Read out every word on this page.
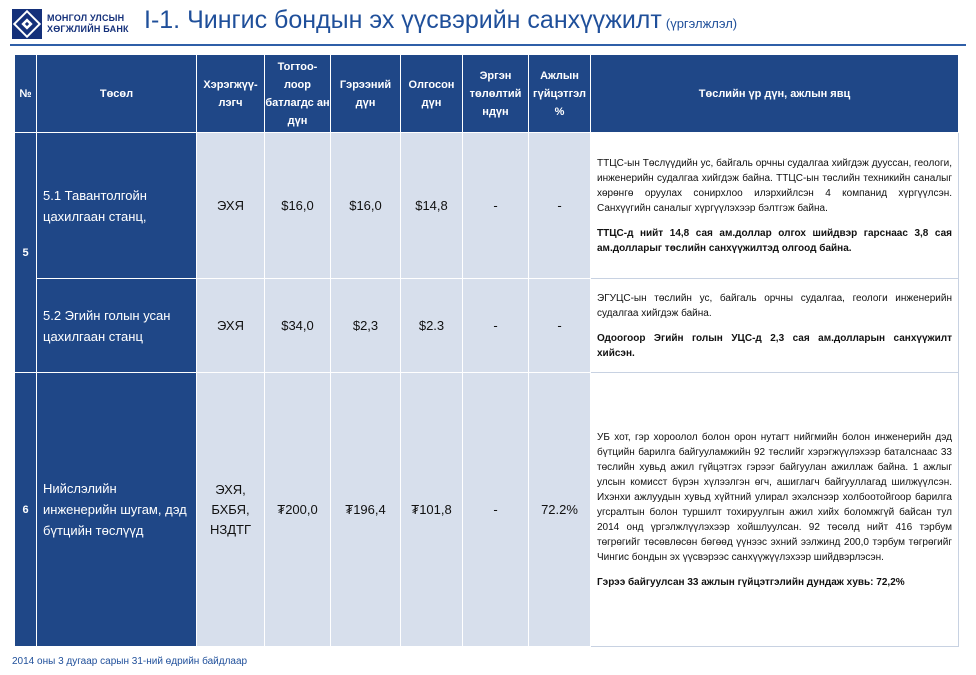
МОНГОЛ УЛСЫН
ХӨГЖЛИЙН БАНК I-1. Чингис бондын эх үүсвэрийн санхүүжилт (үргэлжлэл)
№	Төсөл	Хэрэгжүү-лэгч	Тогтоо-лоор батлагдс ан дүн	Гэрээний дүн	Олгосон дүн	Эргэн төлөлтий ндүн	Ажлын гүйцэтгэл %	Төслийн үр дүн, ажлын явц
5	5.1 Тавантолгойн цахилгаан станц,	ЭХЯ	$16,0	$16,0	$14,8	-	-	ТТЦС-ын Төслүүдийн ус, байгаль орчны судалгаа хийгдэж дууссан, геологи, инженерийн судалгаа хийгдэж байна. ТТЦС-ын төслийн техникийн саналыг хөрөнгө оруулах сонирхлоо илэрхийлсэн 4 компанид хүргүүлсэн. Санхүүгийн саналыг хүргүүлэхээр бэлтгэж байна.

ТТЦС-д нийт 14,8 сая ам.доллар олгох шийдвэр гарснаас 3,8 сая ам.долларыг төслийн санхүүжилтэд олгоод байна.

	5.2 Эгийн голын усан цахилгаан станц	ЭХЯ	$34,0	$2,3	$2.3	-	-	ЭГУЦС-ын төслийн ус, байгаль орчны судалгаа, геологи инженерийн судалгаа хийгдэж байна.

Одоогоор Эгийн голын УЦС-д 2,3 сая ам.долларын санхүүжилт хийсэн.

6	Нийслэлийн инженерийн шугам, дэд бүтцийн төслүүд	ЭХЯ, БХБЯ, НЗДТГ	₮200,0	₮196,4	₮101,8	-	72.2%	УБ хот, гэр хороолол болон орон нутагт нийгмийн болон инженерийн дэд бүтцийн барилга байгууламжийн 92 төслийг хэрэгжүүлэхээр баталснаас 33 төслийн хувьд ажил гүйцэтгэх гэрээг байгуулан ажиллаж байна. 1 ажлыг улсын комисст бүрэн хүлээлгэн өгч, ашиглагч байгууллагад шилжүүлсэн. Ихэнхи ажлуудын хувьд хүйтний улирал эхэлснээр холбоотойгоор барилга угсралтын болон туршилт тохируулгын ажил хийх боломжгүй байсан тул 2014 онд үргэлжлүүлэхээр хойшлуулсан. 92 төсөлд нийт 416 тэрбум төгрөгийг төсөвлөсөн бөгөөд үүнээс эхний ээлжинд 200,0 тэрбум төгрөгийг Чингис бондын эх үүсвэрээс санхүүжүүлэхээр шийдвэрлэсэн.

Гэрээ байгуулсан 33 ажлын гүйцэтгэлийн дундаж хувь: 72,2%

2014 оны 3 дугаар сарын 31-ний өдрийн байдлаар
